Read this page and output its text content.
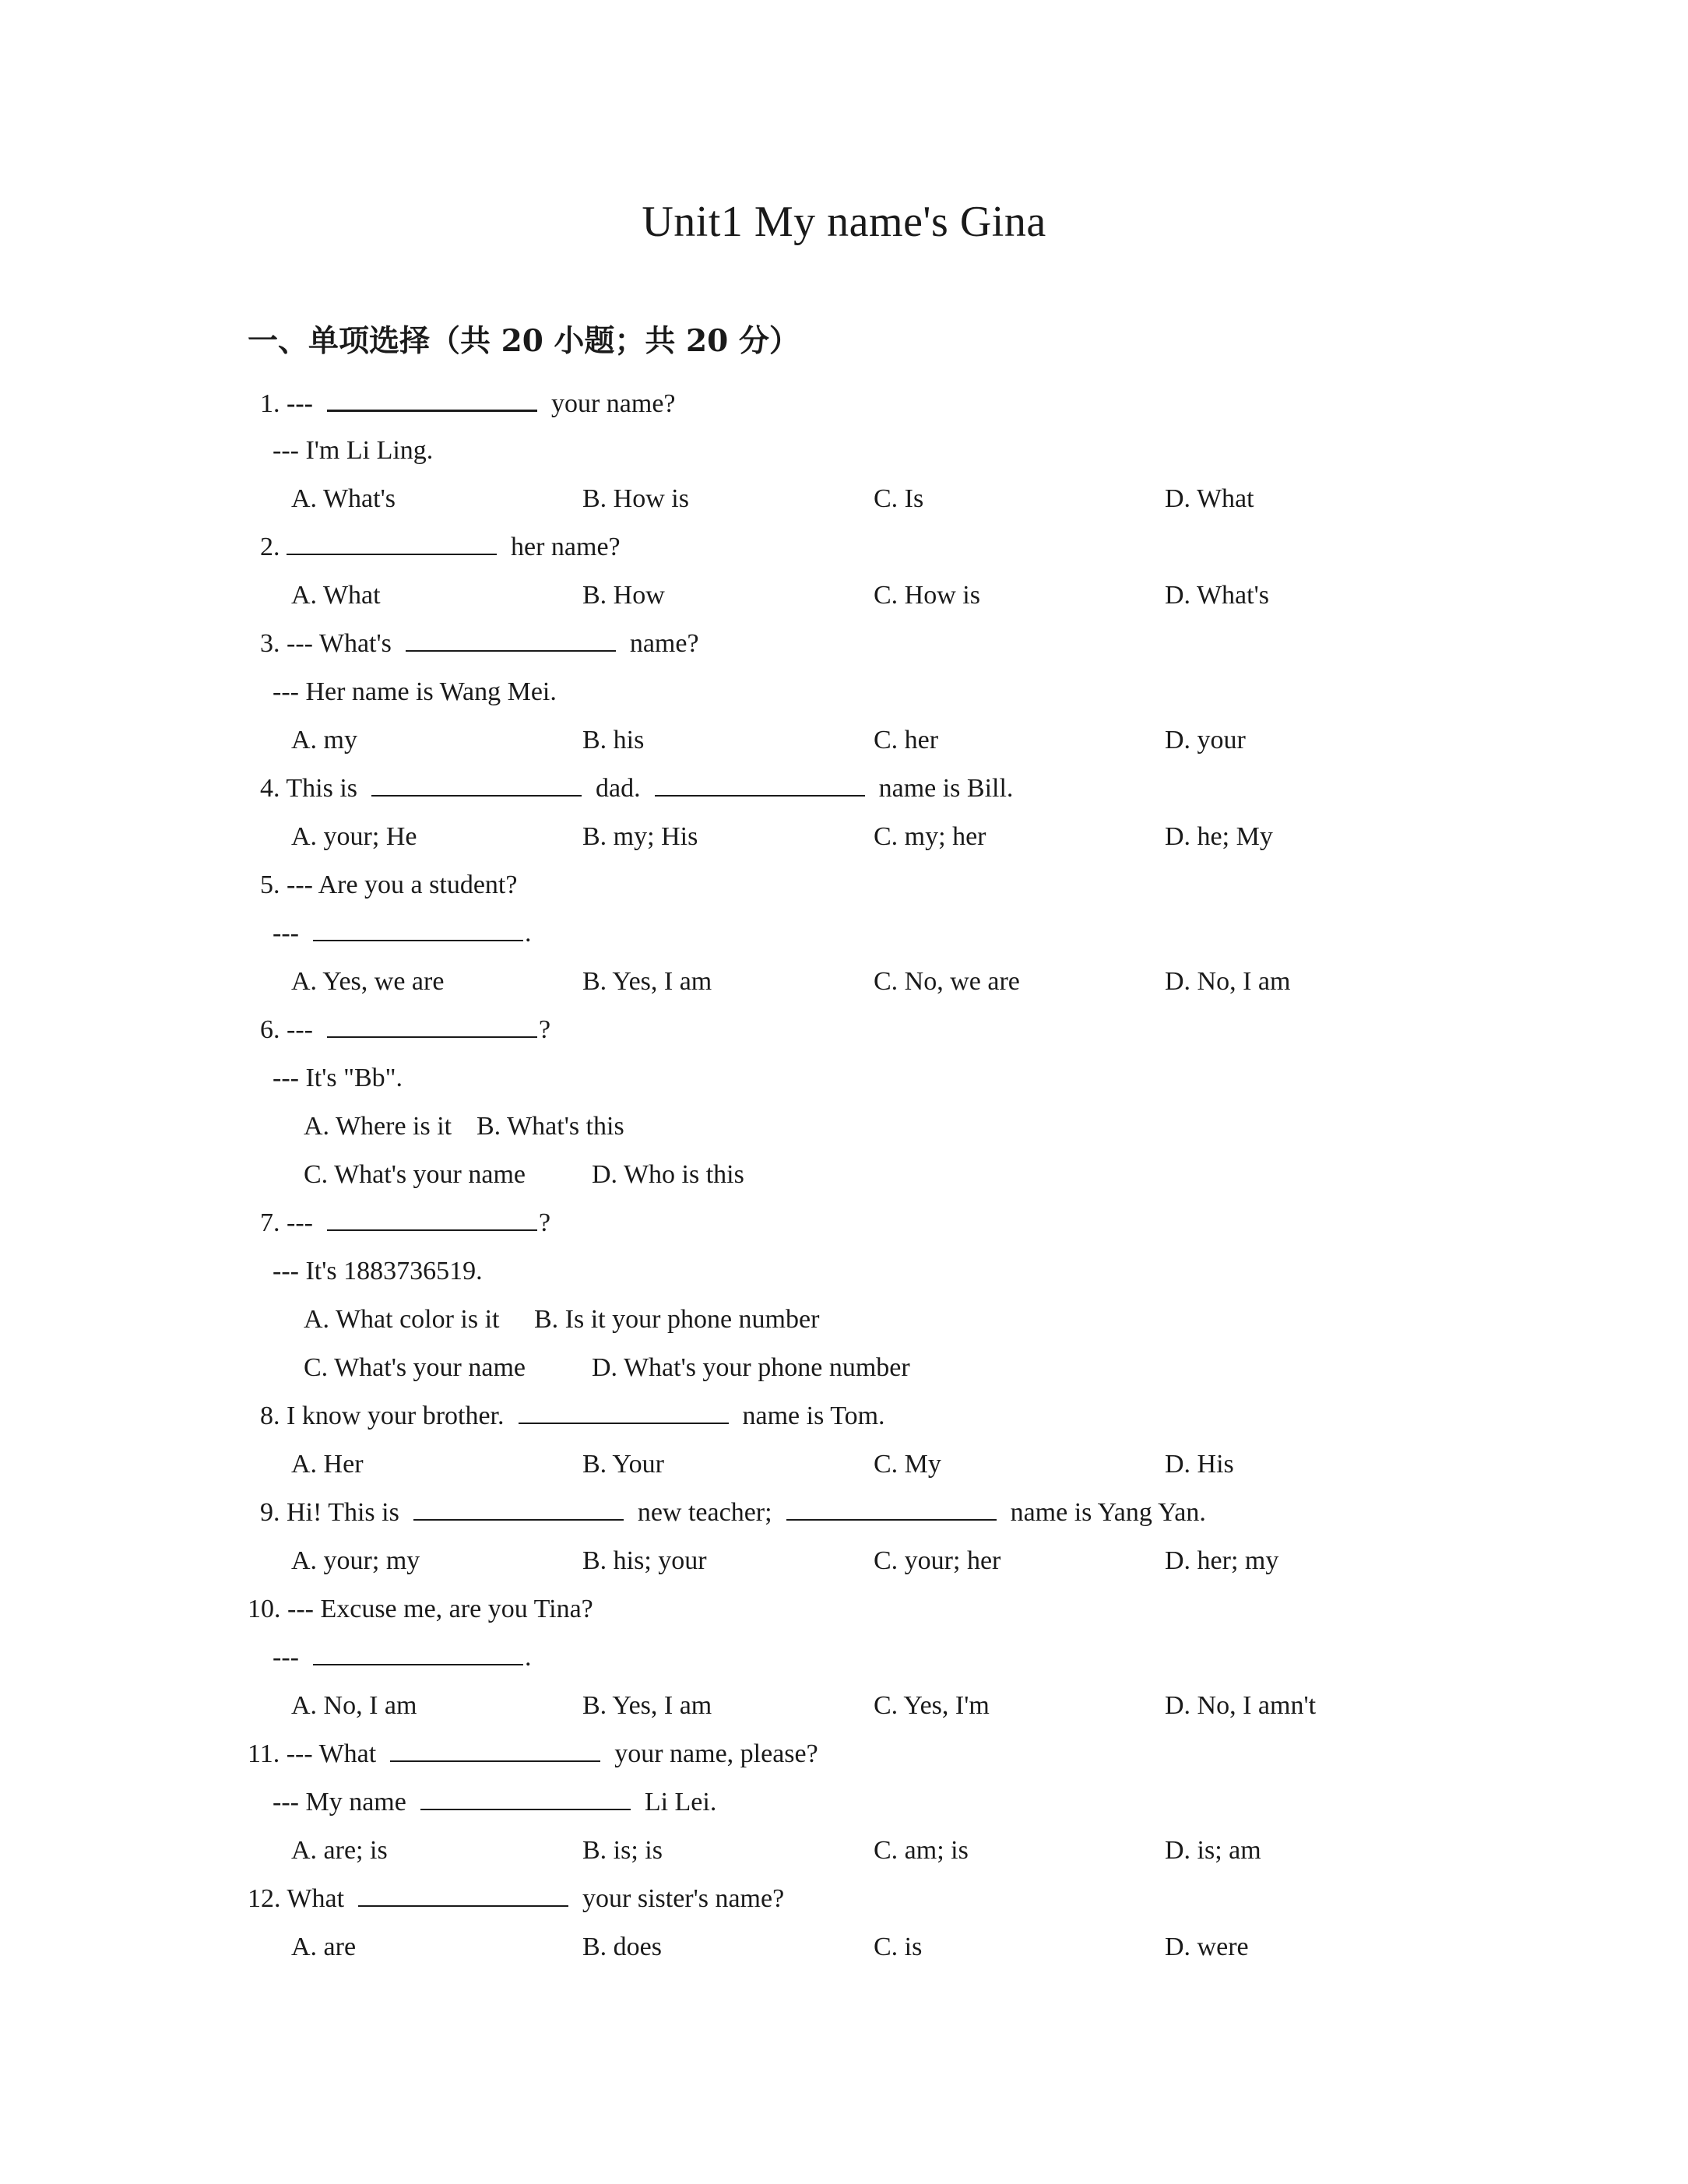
Unit1 My name's Gina
一、单项选择（共 20 小题；共 20 分）
1. ---	your name?
--- I'm Li Ling.
A. What's	B. How is	C. Is	D. What
2.	her name?
A. What	B. How	C. How is	D. What's
3. --- What's	name?
--- Her name is Wang Mei.
A. my	B. his	C. her	D. your
4. This is	dad.	name is Bill.
A. your; He	B. my; His	C. my; her	D. he; My
5. --- Are you a student?
---	.
A. Yes, we are	B. Yes, I am	C. No, we are	D. No, I am
6. ---	?
--- It's "Bb".
A. Where is it B. What's this
C. What's your name	D. Who is this
7. ---	?
--- It's 1883736519.
A. What color is it B. Is it your phone number
C. What's your name	D. What's your phone number
8. I know your brother.	name is Tom.
A. Her	B. Your	C. My	D. His
9. Hi! This is	new teacher;	name is Yang Yan.
A. your; my	B. his; your	C. your; her	D. her; my
10. --- Excuse me, are you Tina?
---	.
A. No, I am	B. Yes, I am	C. Yes, I'm	D. No, I amn't
11. --- What	your name, please?
--- My name	Li Lei.
A. are; is	B. is; is	C. am; is	D. is; am
12. What	your sister's name?
A. are	B. does	C. is	D. were
